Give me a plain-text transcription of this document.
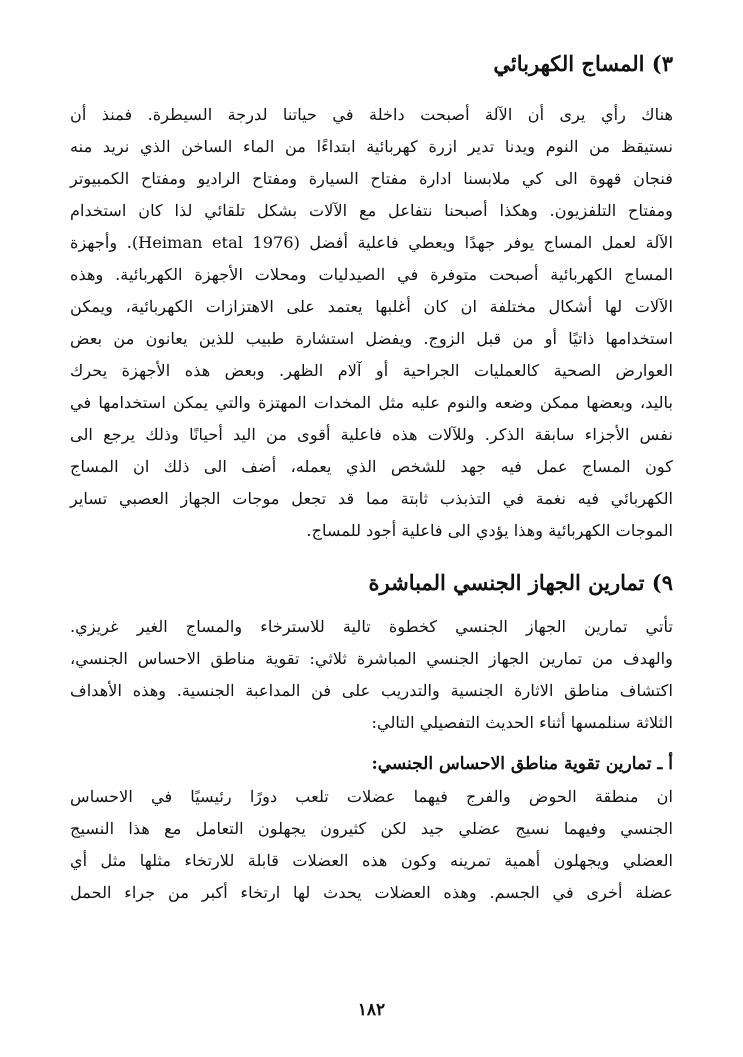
٣) المساج الكهربائي
هناك رأي يرى أن الآلة أصبحت داخلة في حياتنا لدرجة السيطرة. فمنذ أن
نستيقظ من النوم ويدنا تدير ازرة كهربائية ابتداءًا من الماء الساخن الذي نريد منه
فنجان قهوة الى كي ملابسنا ادارة مفتاح السيارة ومفتاح الراديو ومفتاح الكمبيوتر
ومفتاح التلفزيون. وهكذا أصبحنا نتفاعل مع الآلات بشكل تلقائي لذا كان استخدام
الآلة لعمل المساج يوفر جهدًا ويعطي فاعلية أفضل (Heiman etal 1976). وأجهزة
المساج الكهربائية أصبحت متوفرة في الصيدليات ومحلات الأجهزة الكهربائية. وهذه
الآلات لها أشكال مختلفة ان كان أغلبها يعتمد على الاهتزازات الكهربائية، ويمكن
استخدامها ذاتيًا أو من قبل الزوج. ويفضل استشارة طبيب للذين يعانون من بعض
العوارض الصحية كالعمليات الجراحية أو آلام الظهر. وبعض هذه الأجهزة يحرك
باليد، وبعضها ممكن وضعه والنوم عليه مثل المخدات المهتزة والتي يمكن استخدامها في
نفس الأجزاء سابقة الذكر. وللآلات هذه فاعلية أقوى من اليد أحيانًا وذلك يرجع الى
كون المساج عمل فيه جهد للشخص الذي يعمله، أضف الى ذلك ان المساج
الكهربائي فيه نغمة في التذبذب ثابتة مما قد تجعل موجات الجهاز العصبي تساير
الموجات الكهربائية وهذا يؤدي الى فاعلية أجود للمساج.
٩) تمارين الجهاز الجنسي المباشرة
تأتي تمارين الجهاز الجنسي كخطوة تالية للاسترخاء والمساج الغير غريزي.
والهدف من تمارين الجهاز الجنسي المباشرة ثلاثي: تقوية مناطق الاحساس الجنسي،
اكتشاف مناطق الاثارة الجنسية والتدريب على فن المداعبة الجنسية. وهذه الأهداف
الثلاثة سنلمسها أثناء الحديث التفصيلي التالي:
أ ـ تمارين تقوية مناطق الاحساس الجنسي:
ان منطقة الحوض والفرج فيهما عضلات تلعب دورًا رئيسيًا في الاحساس
الجنسي وفيهما نسيج عضلي جيد لكن كثيرون يجهلون التعامل مع هذا النسيج
العضلي ويجهلون أهمية تمرينه وكون هذه العضلات قابلة للارتخاء مثلها مثل أي
عضلة أخرى في الجسم. وهذه العضلات يحدث لها ارتخاء أكبر من جراء الحمل
١٨٢
